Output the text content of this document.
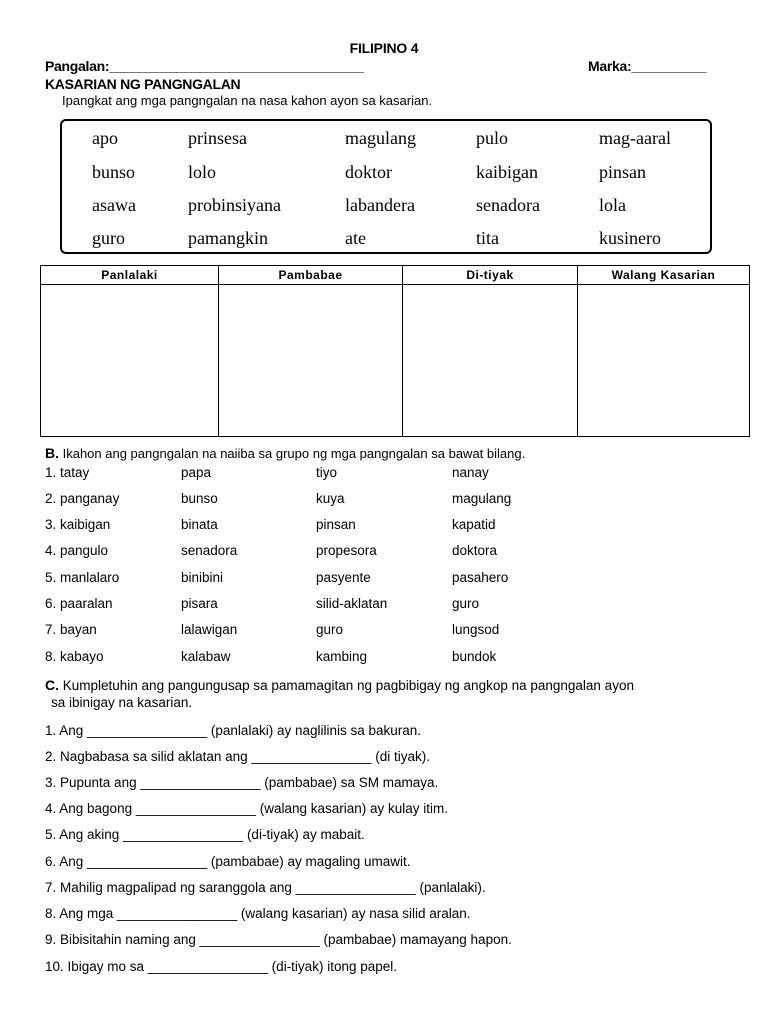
FILIPINO 4
Pangalan:__________________________________	Marka:__________
KASARIAN NG PANGNGALAN
Ipangkat ang mga pangngalan na nasa kahon ayon sa kasarian.
apo	prinsesa	magulang	pulo	mag-aaral
bunso	lolo	doktor	kaibigan	pinsan
asawa	probinsiyana	labandera	senadora	lola
guro	pamangkin	ate	tita	kusinero
Panlalaki	Pambabae	Di-tiyak	Walang Kasarian

B. Ikahon ang pangngalan na naiiba sa grupo ng mga pangngalan sa bawat bilang.
1. tatay	papa	tiyo	nanay
2. panganay	bunso	kuya	magulang
3. kaibigan	binata	pinsan	kapatid
4. pangulo	senadora	propesora	doktora
5. manlalaro	binibini	pasyente	pasahero
6. paaralan	pisara	silid-aklatan	guro
7. bayan	lalawigan	guro	lungsod
8. kabayo	kalabaw	kambing	bundok
C. Kumpletuhin ang pangungusap sa pamamagitan ng pagbibigay ng angkop na pangngalan ayon
sa ibinigay na kasarian.
1. Ang ________________ (panlalaki) ay naglilinis sa bakuran.
2. Nagbabasa sa silid aklatan ang ________________ (di tiyak).
3. Pupunta ang ________________ (pambabae) sa SM mamaya.
4. Ang bagong ________________ (walang kasarian) ay kulay itim.
5. Ang aking ________________ (di-tiyak) ay mabait.
6. Ang ________________ (pambabae) ay magaling umawit.
7. Mahilig magpalipad ng saranggola ang ________________ (panlalaki).
8. Ang mga ________________ (walang kasarian) ay nasa silid aralan.
9. Bibisitahin naming ang ________________ (pambabae) mamayang hapon.
10. Ibigay mo sa ________________ (di-tiyak) itong papel.
